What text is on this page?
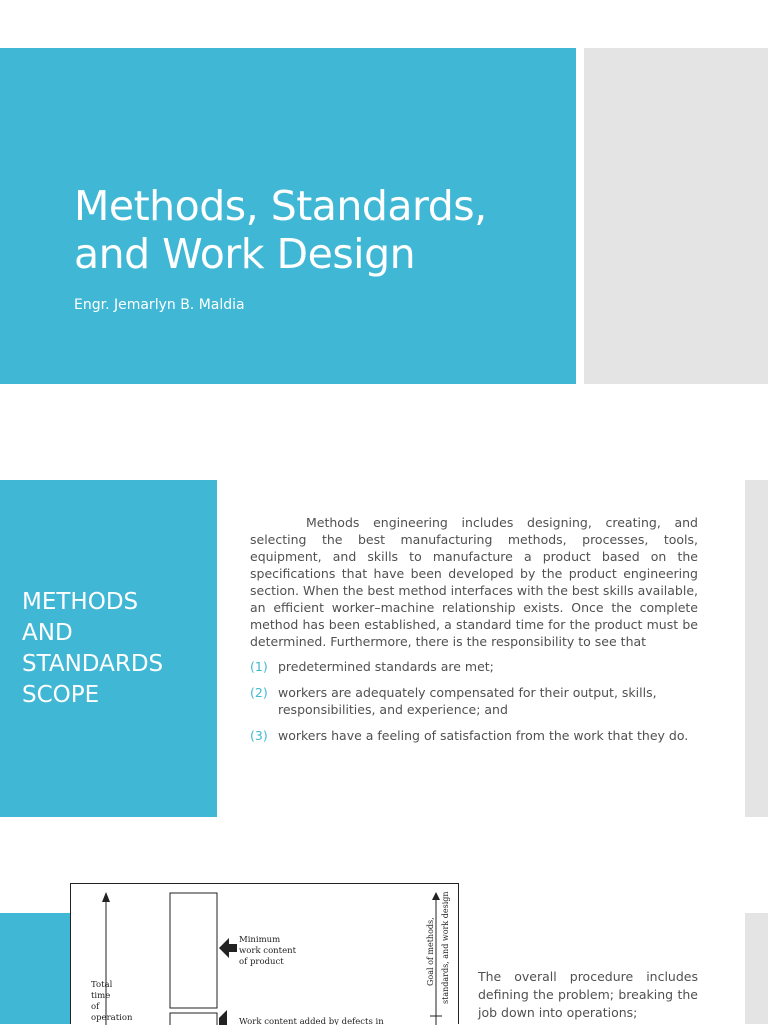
Methods, Standards,
and Work Design
Engr. Jemarlyn B. Maldia
METHODS
AND
STANDARDS
SCOPE

Methods engineering includes designing, creating, and selecting the best manufacturing methods, processes, tools, equipment, and skills to manufacture a product based on the specifications that have been developed by the product engineering section. When the best method interfaces with the best skills available, an efficient worker–machine relationship exists. Once the complete method has been established, a standard time for the product must be determined. Furthermore, there is the responsibility to see that

(1) predetermined standards are met;
(2) workers are adequately compensated for their output, skills, responsibilities, and experience; and
(3) workers have a feeling of satisfaction from the work that they do.
Total
time
of
operation
Minimum
work content
of product
Work content added by defects in
Goal of methods, standards, and work design The overall procedure includes defining the problem; breaking the job down into operations;
